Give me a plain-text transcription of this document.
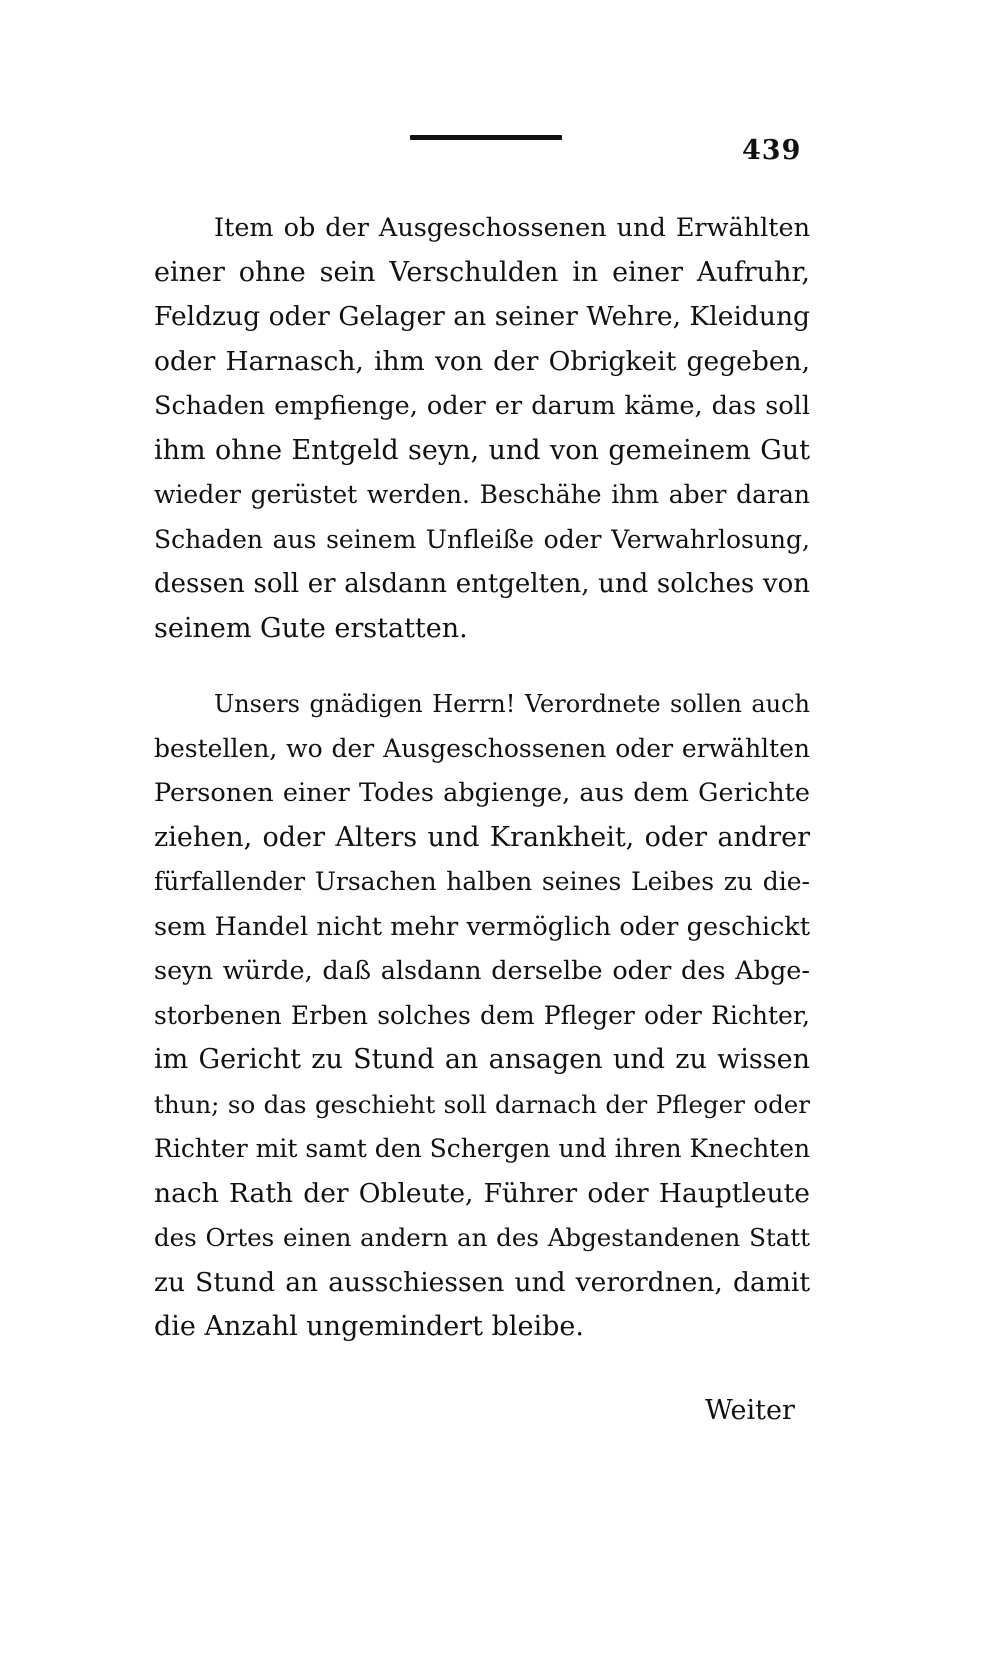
439
Item ob der Ausgeschossenen und Erwählten
einer ohne sein Verschulden in einer Aufruhr,
Feldzug oder Gelager an seiner Wehre, Kleidung
oder Harnasch, ihm von der Obrigkeit gegeben,
Schaden empfienge, oder er darum käme, das soll
ihm ohne Entgeld seyn, und von gemeinem Gut
wieder gerüstet werden. Beschähe ihm aber daran
Schaden aus seinem Unfleiße oder Verwahrlosung,
dessen soll er alsdann entgelten, und solches von
seinem Gute erstatten.
Unsers gnädigen Herrn! Verordnete sollen auch
bestellen, wo der Ausgeschossenen oder erwählten
Personen einer Todes abgienge, aus dem Gerichte
ziehen, oder Alters und Krankheit, oder andrer
fürfallender Ursachen halben seines Leibes zu die-
sem Handel nicht mehr vermöglich oder geschickt
seyn würde, daß alsdann derselbe oder des Abge-
storbenen Erben solches dem Pfleger oder Richter,
im Gericht zu Stund an ansagen und zu wissen
thun; so das geschieht soll darnach der Pfleger oder
Richter mit samt den Schergen und ihren Knechten
nach Rath der Obleute, Führer oder Hauptleute
des Ortes einen andern an des Abgestandenen Statt
zu Stund an ausschiessen und verordnen, damit
die Anzahl ungemindert bleibe.
Weiter
